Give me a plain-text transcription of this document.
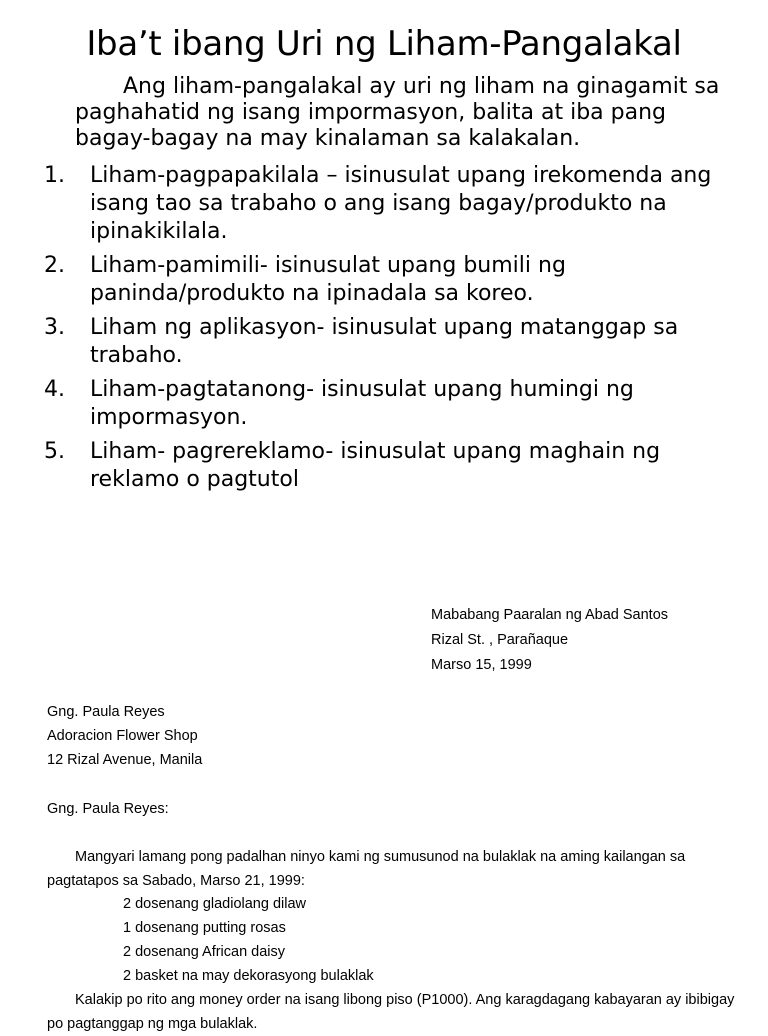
Iba’t ibang Uri ng Liham-Pangalakal
Ang liham-pangalakal ay uri ng liham na ginagamit sa paghahatid ng isang impormasyon, balita at iba pang bagay-bagay na may kinalaman sa kalakalan.
1.	Liham-pagpapakilala – isinusulat upang irekomenda ang isang tao sa trabaho o ang isang bagay/produkto na ipinakikilala.
2.	Liham-pamimili- isinusulat upang bumili ng paninda/produkto na ipinadala sa koreo.
3.	Liham ng aplikasyon- isinusulat upang matanggap sa trabaho.
4.	Liham-pagtatanong- isinusulat upang humingi ng impormasyon.
5.	Liham- pagrereklamo- isinusulat upang maghain ng reklamo o pagtutol
Mababang Paaralan ng Abad Santos
Rizal St. , Parañaque
Marso 15, 1999
Gng. Paula Reyes
Adoracion Flower Shop
12 Rizal Avenue, Manila
Gng. Paula Reyes:
Mangyari lamang pong padalhan ninyo kami ng sumusunod na bulaklak na aming kailangan sa pagtatapos sa Sabado, Marso 21, 1999:
2 dosenang gladiolang dilaw
1 dosenang putting rosas
2 dosenang African daisy
2 basket na may dekorasyong bulaklak
Kalakip po rito ang money order na isang libong piso (P1000). Ang karagdagang kabayaran ay ibibigay po pagtanggap ng mga bulaklak.
